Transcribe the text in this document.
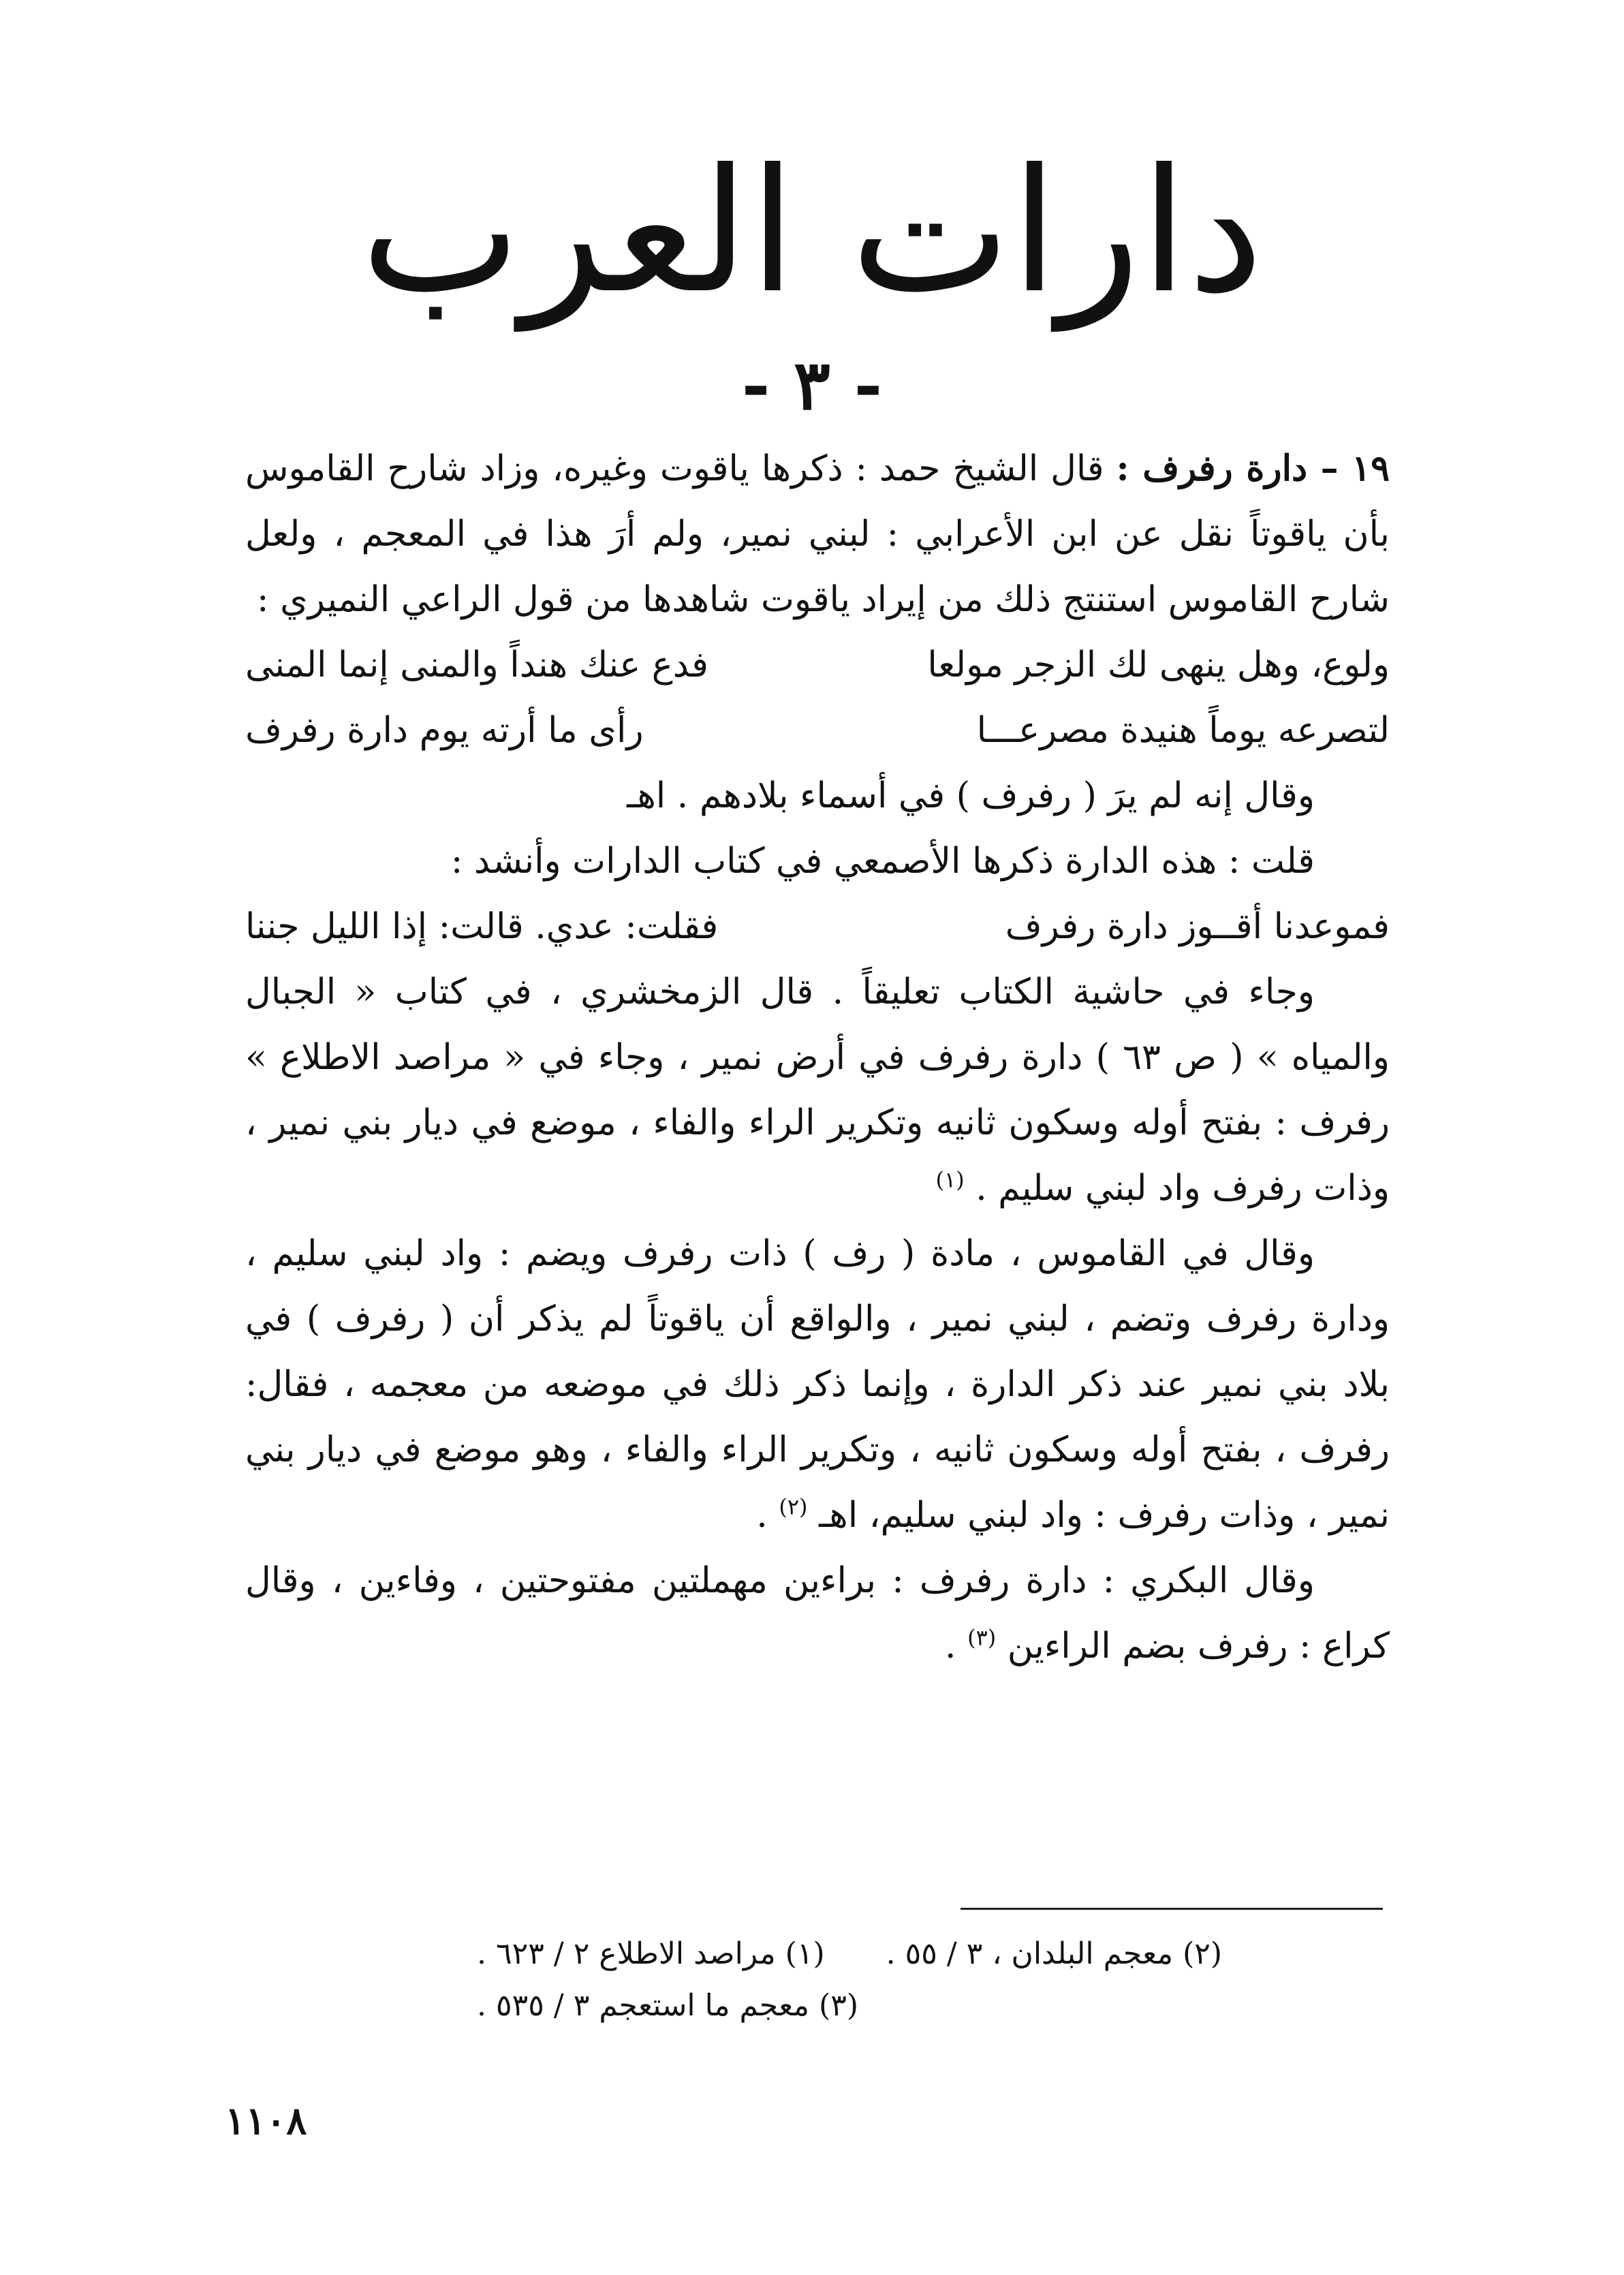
دارات العرب
- ٣ -

١٩ – دارة رفرف : قال الشيخ حمد : ذكرها ياقوت وغيره، وزاد شارح القاموس بأن ياقوتاً نقل عن ابن الأعرابي : لبني نمير، ولم أرَ هذا في المعجم ، ولعل شارح القاموس استنتج ذلك من إيراد ياقوت شاهدها من قول الراعي النميري :

فدع عنك هنداً والمنى إنما المنى	ولوع، وهل ينهى لك الزجر مولعا
رأى ما أرته يوم دارة رفرف	لتصرعه يوماً هنيدة مصرعـــا

وقال إنه لم يرَ ( رفرف ) في أسماء بلادهم . اهـ

قلت : هذه الدارة ذكرها الأصمعي في كتاب الدارات وأنشد :

فقلت: عدي. قالت: إذا الليل جننا	فموعدنا أقــوز دارة رفرف

وجاء في حاشية الكتاب تعليقاً . قال الزمخشري ، في كتاب « الجبال والمياه » ( ص ٦٣ ) دارة رفرف في أرض نمير ، وجاء في « مراصد الاطلاع » رفرف : بفتح أوله وسكون ثانيه وتكرير الراء والفاء ، موضع في ديار بني نمير ، وذات رفرف واد لبني سليم . $^{(١)}$

وقال في القاموس ، مادة ( رف ) ذات رفرف ويضم : واد لبني سليم ، ودارة رفرف وتضم ، لبني نمير ، والواقع أن ياقوتاً لم يذكر أن ( رفرف ) في بلاد بني نمير عند ذكر الدارة ، وإنما ذكر ذلك في موضعه من معجمه ، فقال: رفرف ، بفتح أوله وسكون ثانيه ، وتكرير الراء والفاء ، وهو موضع في ديار بني نمير ، وذات رفرف : واد لبني سليم، اهـ $^{(٢)}$ .

وقال البكري : دارة رفرف : براءين مهملتين مفتوحتين ، وفاءين ، وقال كراع : رفرف بضم الراءين $^{(٣)}$ .

(١) مراصد الاطلاع ٢ / ٦٢٣ . (٢) معجم البلدان ، ٣ / ٥٥ .
(٣) معجم ما استعجم ٣ / ٥٣٥ .
١١٠٨
